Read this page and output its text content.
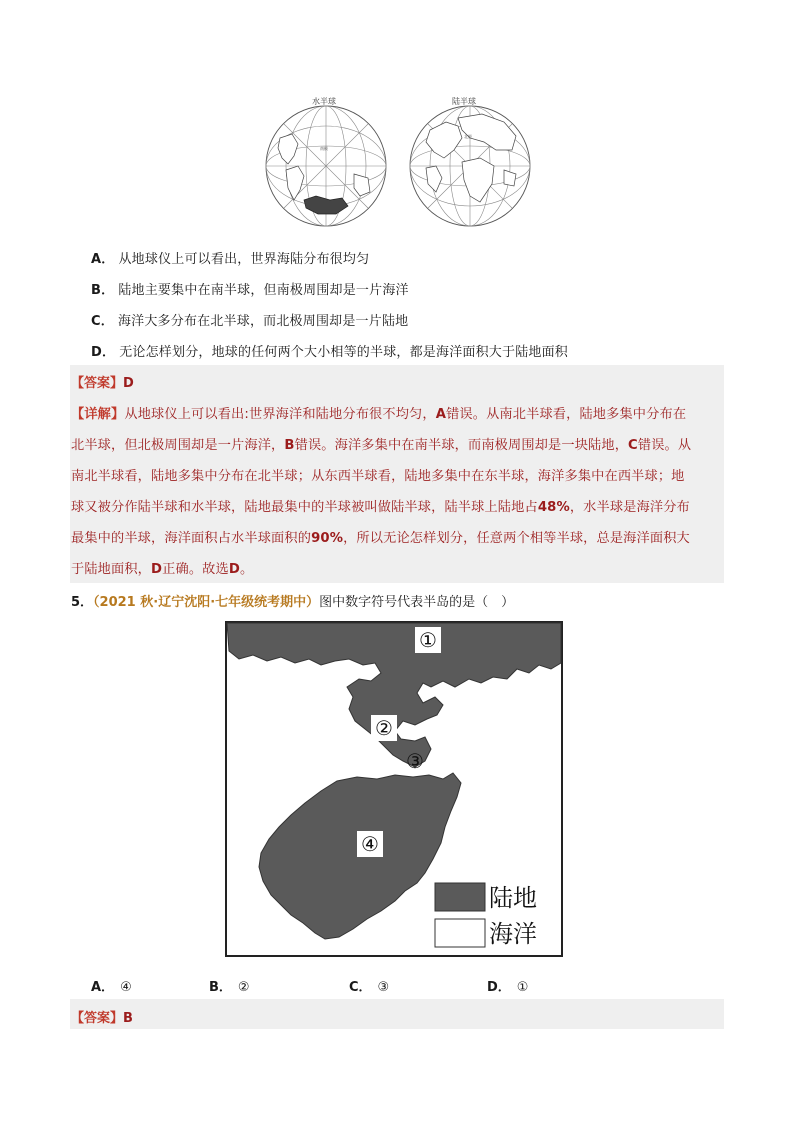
水半球	陆半球
南极
北极
A． 从地球仪上可以看出，世界海陆分布很均匀
B． 陆地主要集中在南半球，但南极周围却是一片海洋
C． 海洋大多分布在北半球，而北极周围却是一片陆地
D． 无论怎样划分，地球的任何两个大小相等的半球，都是海洋面积大于陆地面积
【答案】D
【详解】从地球仪上可以看出:世界海洋和陆地分布很不均匀，A错误。从南北半球看，陆地多集中分布在
北半球，但北极周围却是一片海洋，B错误。海洋多集中在南半球，而南极周围却是一块陆地，C错误。从
南北半球看，陆地多集中分布在北半球；从东西半球看，陆地多集中在东半球，海洋多集中在西半球；地
球又被分作陆半球和水半球，陆地最集中的半球被叫做陆半球，陆半球上陆地占48%，水半球是海洋分布
最集中的半球，海洋面积占水半球面积的90%，所以无论怎样划分，任意两个相等半球，总是海洋面积大
于陆地面积，D正确。故选D。
5．（2021 秋·辽宁沈阳·七年级统考期中）图中数字符号代表半岛的是（　）
①
②
③
④
陆地
海洋
A． ④	B． ②	C． ③	D． ①
【答案】B
